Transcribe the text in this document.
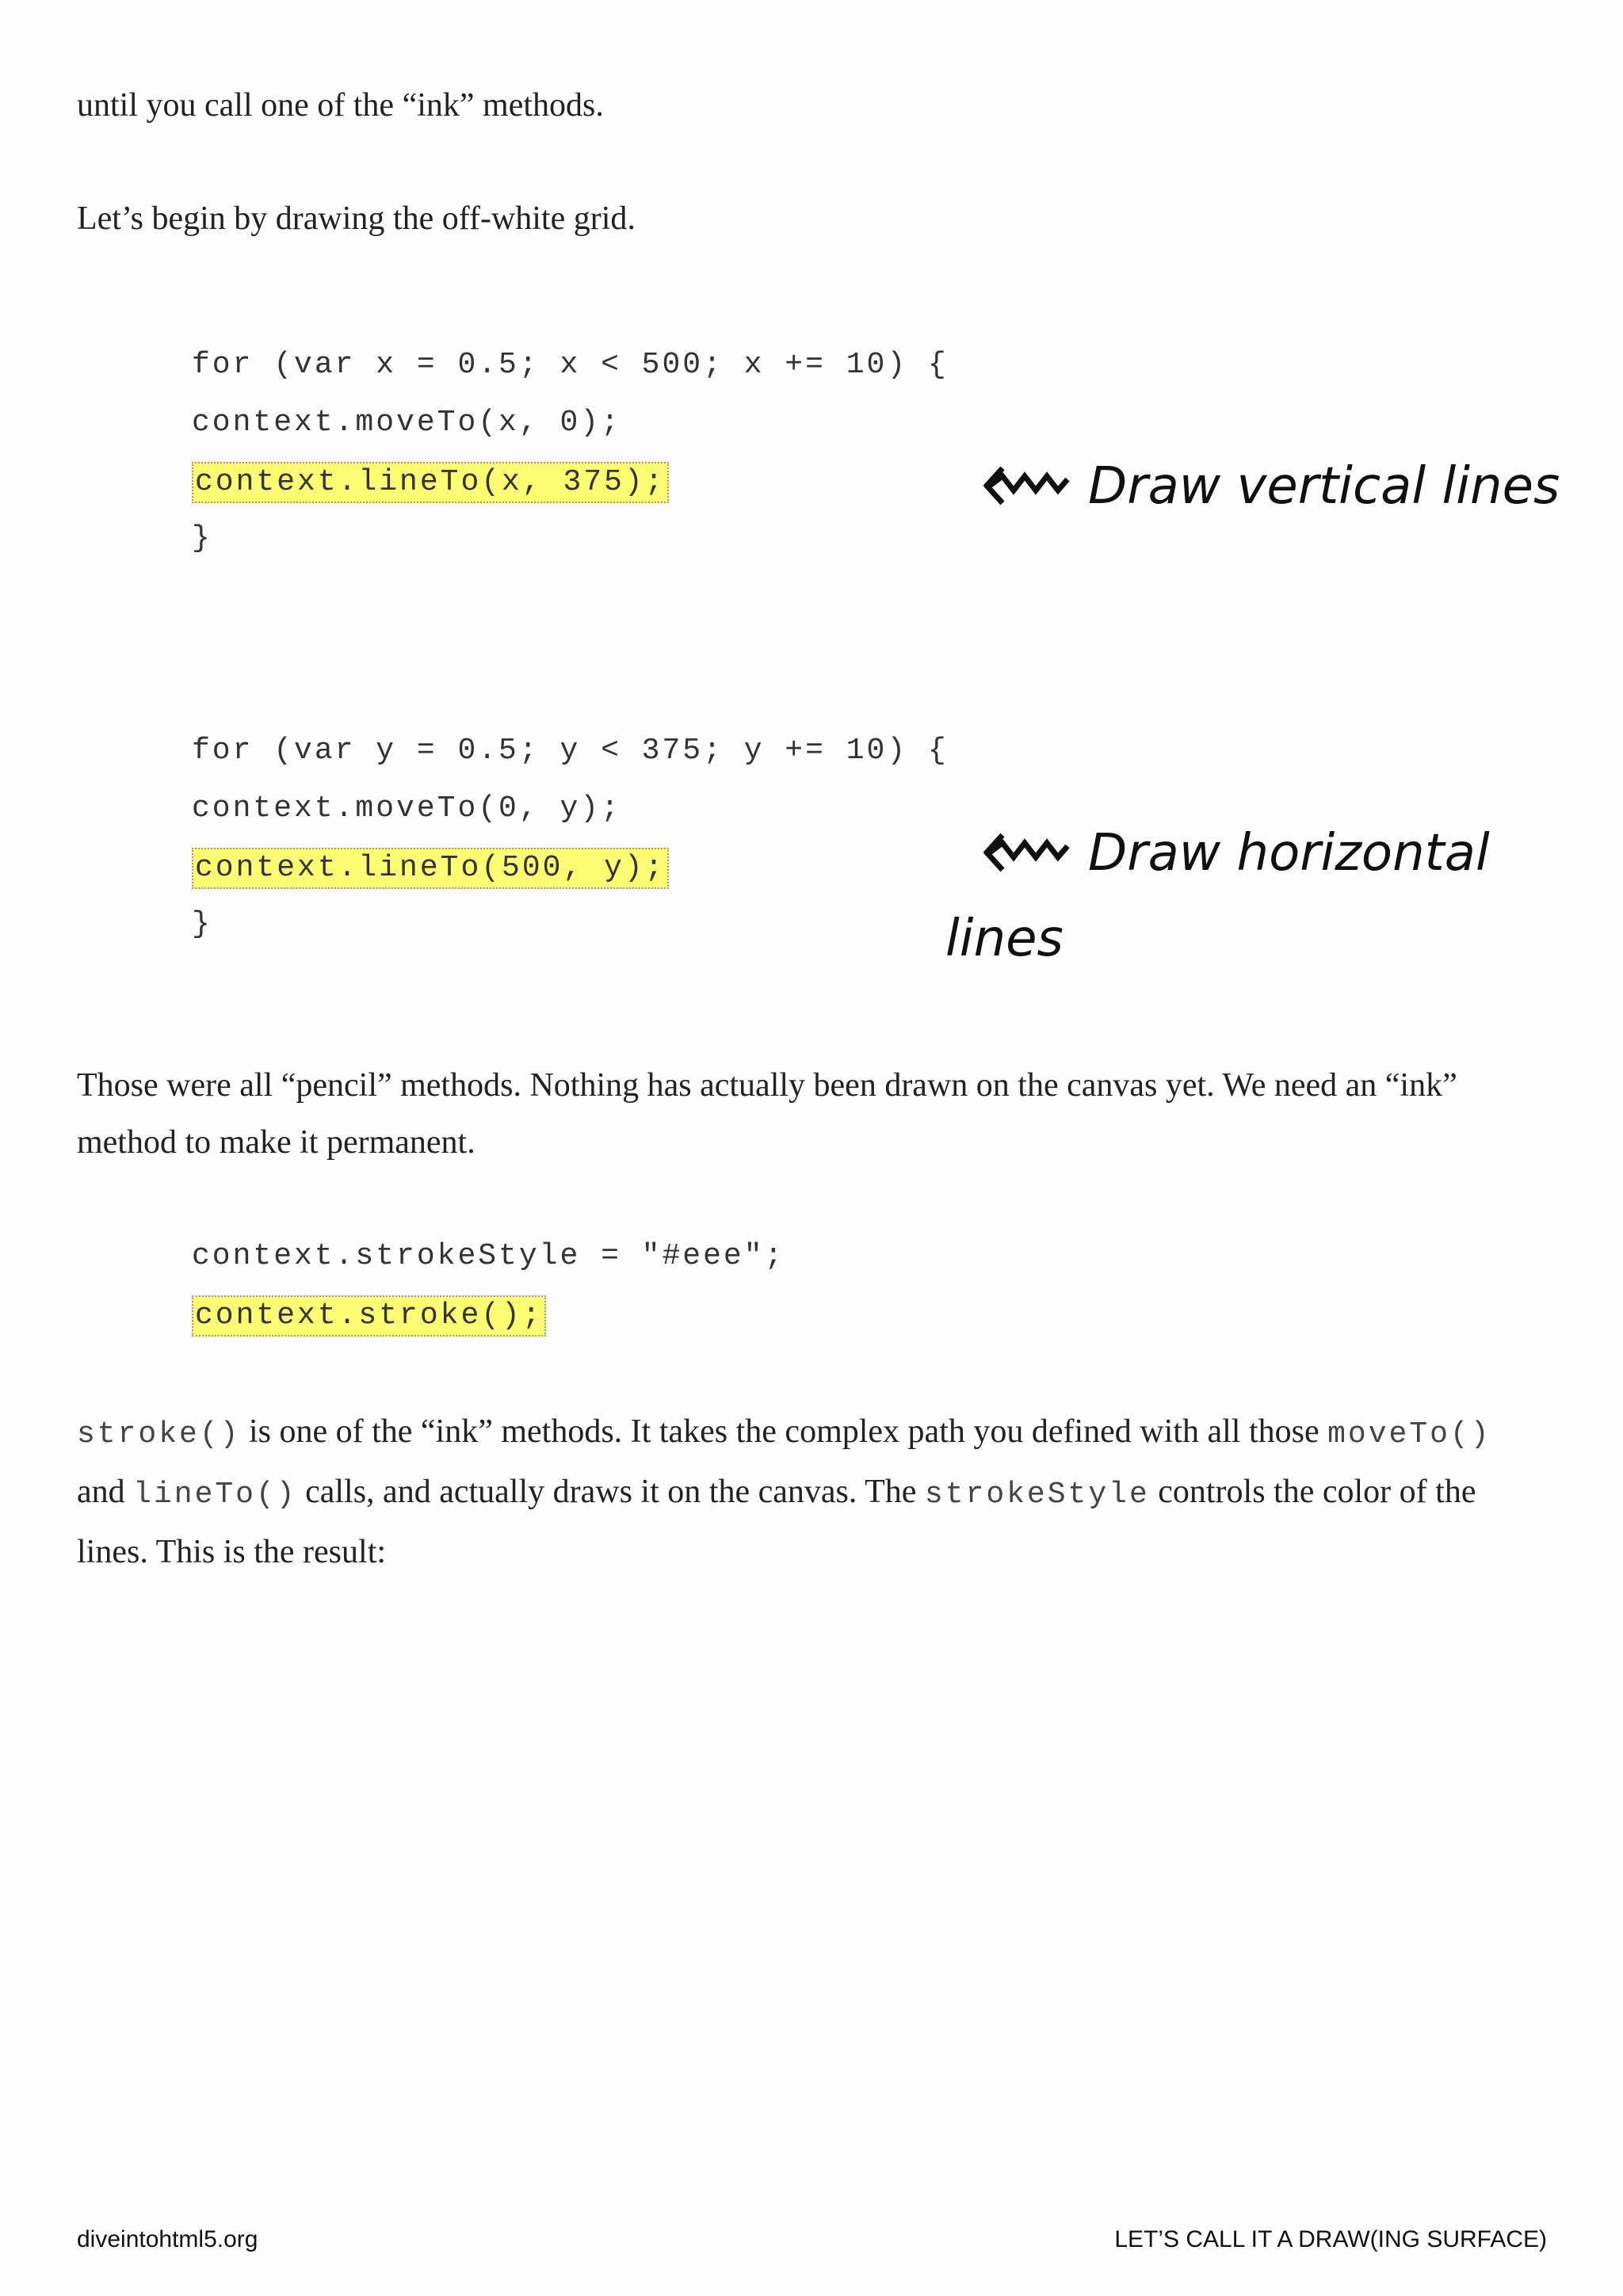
until you call one of the “ink” methods.

Let’s begin by drawing the off-white grid.

for (var x = 0.5; x < 500; x += 10) {
context.moveTo(x, 0);
context.lineTo(x, 375);
}
Draw vertical lines
for (var y = 0.5; y < 375; y += 10) {
context.moveTo(0, y);
context.lineTo(500, y);
}
Draw horizontal lines

Those were all “pencil” methods. Nothing has actually been drawn on the canvas yet. We need an “ink” method to make it permanent.

context.strokeStyle = "#eee";
context.stroke();

stroke() is one of the “ink” methods. It takes the complex path you defined with all those moveTo() and lineTo() calls, and actually draws it on the canvas. The strokeStyle controls the color of the lines. This is the result:

diveintohtml5.org	LET’S CALL IT A DRAW(ING SURFACE)
